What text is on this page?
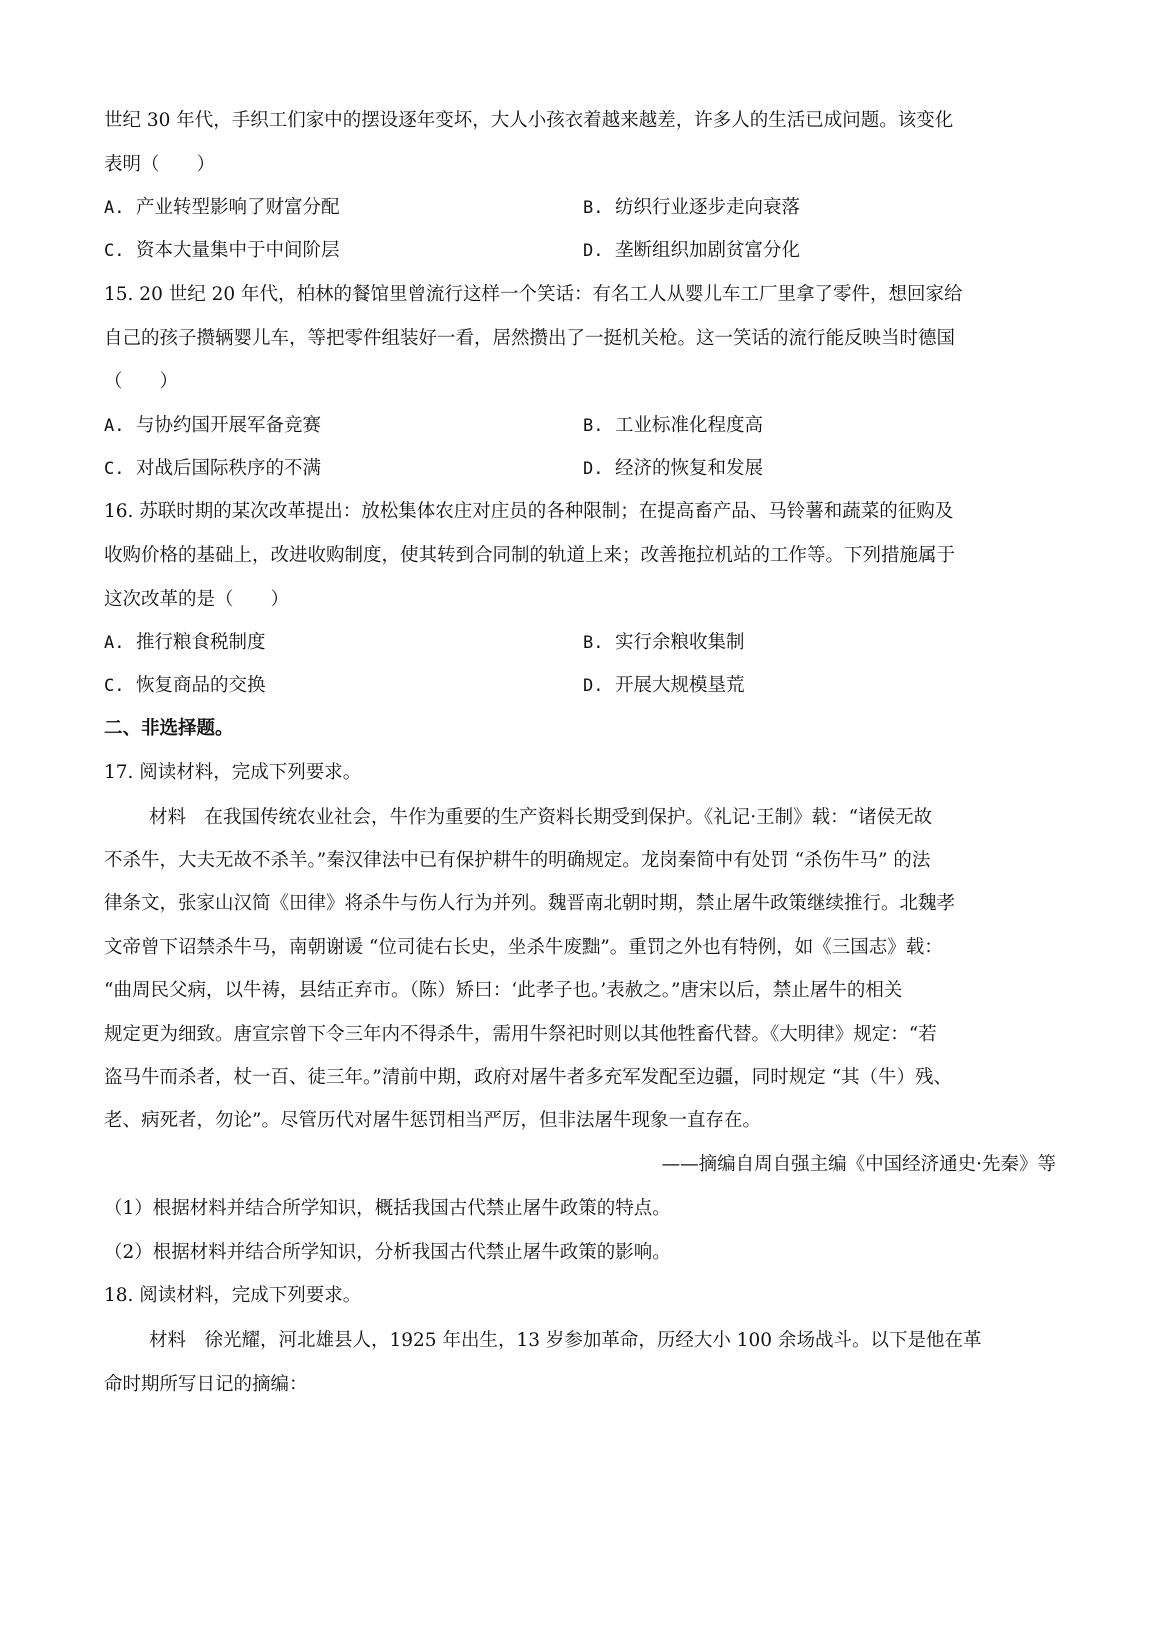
世纪 30 年代，手织工们家中的摆设逐年变坏，大人小孩衣着越来越差，许多人的生活已成问题。该变化
表明（　　）
A. 产业转型影响了财富分配	B. 纺织行业逐步走向衰落
C. 资本大量集中于中间阶层	D. 垄断组织加剧贫富分化
15. 20 世纪 20 年代，柏林的餐馆里曾流行这样一个笑话：有名工人从婴儿车工厂里拿了零件，想回家给
自己的孩子攒辆婴儿车，等把零件组装好一看，居然攒出了一挺机关枪。这一笑话的流行能反映当时德国
（　　）
A. 与协约国开展军备竞赛	B. 工业标准化程度高
C. 对战后国际秩序的不满	D. 经济的恢复和发展
16. 苏联时期的某次改革提出：放松集体农庄对庄员的各种限制；在提高畜产品、马铃薯和蔬菜的征购及
收购价格的基础上，改进收购制度，使其转到合同制的轨道上来；改善拖拉机站的工作等。下列措施属于
这次改革的是（　　）
A. 推行粮食税制度	B. 实行余粮收集制
C. 恢复商品的交换	D. 开展大规模垦荒
二、非选择题。
17. 阅读材料，完成下列要求。
材料　在我国传统农业社会，牛作为重要的生产资料长期受到保护。《礼记·王制》载：“诸侯无故
不杀牛，大夫无故不杀羊。”秦汉律法中已有保护耕牛的明确规定。龙岗秦简中有处罚 “杀伤牛马” 的法
律条文，张家山汉简《田律》将杀牛与伤人行为并列。魏晋南北朝时期，禁止屠牛政策继续推行。北魏孝
文帝曾下诏禁杀牛马，南朝谢谖 “位司徒右长史，坐杀牛废黜”。重罚之外也有特例，如《三国志》载：
“曲周民父病，以牛祷，县结正弃市。（陈）矫曰：‘此孝子也。’表赦之。”唐宋以后，禁止屠牛的相关
规定更为细致。唐宣宗曾下令三年内不得杀牛，需用牛祭祀时则以其他牲畜代替。《大明律》规定：“若
盗马牛而杀者，杖一百、徒三年。”清前中期，政府对屠牛者多充军发配至边疆，同时规定 “其（牛）残、
老、病死者，勿论”。尽管历代对屠牛惩罚相当严厉，但非法屠牛现象一直存在。
——摘编自周自强主编《中国经济通史·先秦》等
（1）根据材料并结合所学知识，概括我国古代禁止屠牛政策的特点。
（2）根据材料并结合所学知识，分析我国古代禁止屠牛政策的影响。
18. 阅读材料，完成下列要求。
材料　徐光耀，河北雄县人，1925 年出生，13 岁参加革命，历经大小 100 余场战斗。以下是他在革
命时期所写日记的摘编：
